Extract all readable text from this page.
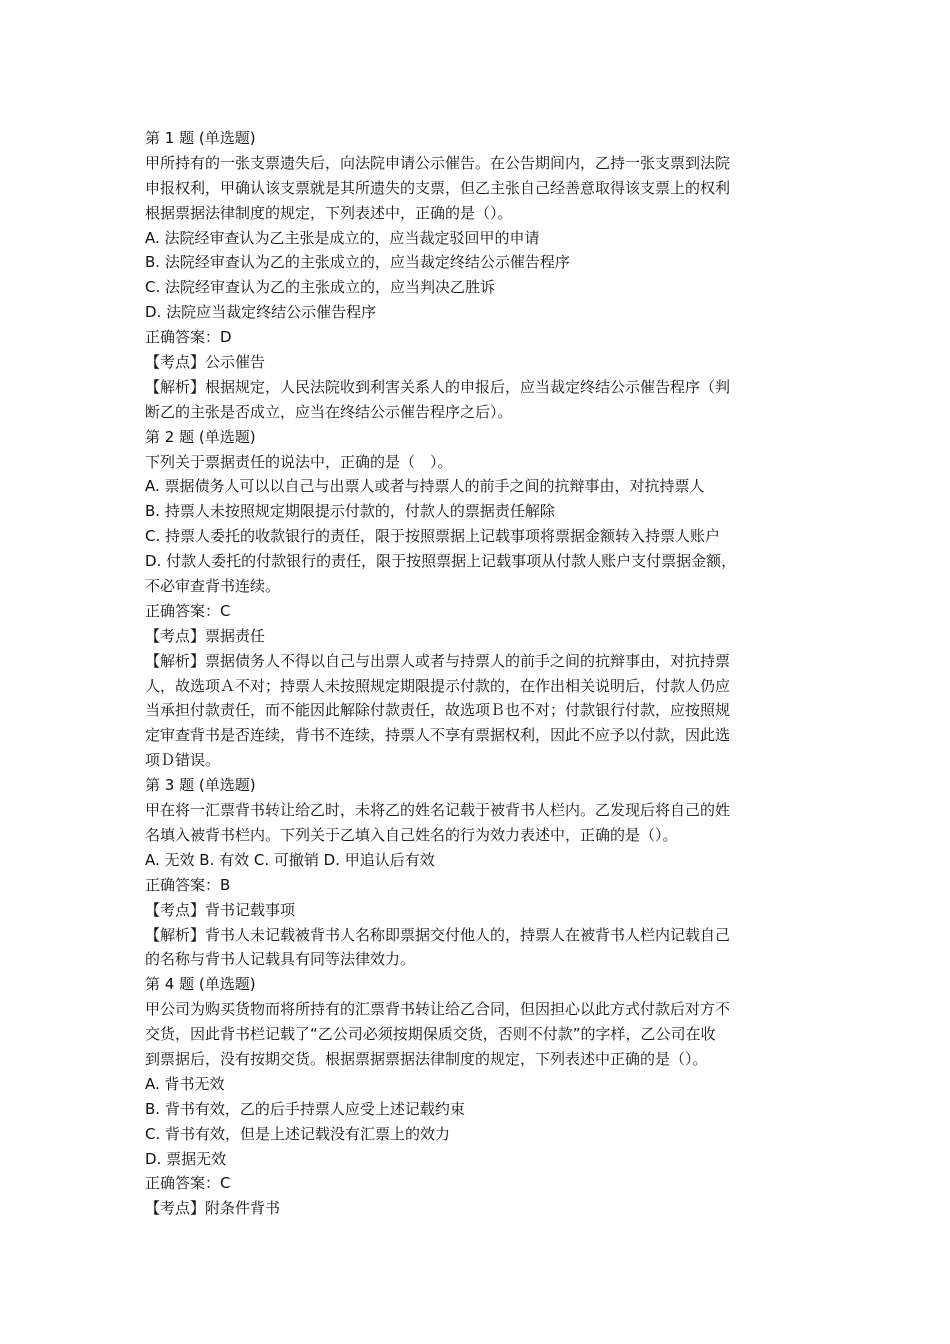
第 1 题 (单选题)
甲所持有的一张支票遗失后，向法院申请公示催告。在公告期间内，乙持一张支票到法院
申报权利，甲确认该支票就是其所遗失的支票，但乙主张自己经善意取得该支票上的权利
根据票据法律制度的规定，下列表述中，正确的是（）。
A. 法院经审查认为乙主张是成立的，应当裁定驳回甲的申请
B. 法院经审查认为乙的主张成立的，应当裁定终结公示催告程序
C. 法院经审查认为乙的主张成立的，应当判决乙胜诉
D. 法院应当裁定终结公示催告程序
正确答案：D
【考点】公示催告
【解析】根据规定，人民法院收到利害关系人的申报后，应当裁定终结公示催告程序（判
断乙的主张是否成立，应当在终结公示催告程序之后）。
第 2 题 (单选题)
下列关于票据责任的说法中，正确的是（　）。
A. 票据债务人可以以自己与出票人或者与持票人的前手之间的抗辩事由，对抗持票人
B. 持票人未按照规定期限提示付款的，付款人的票据责任解除
C. 持票人委托的收款银行的责任，限于按照票据上记载事项将票据金额转入持票人账户
D. 付款人委托的付款银行的责任，限于按照票据上记载事项从付款人账户支付票据金额，
不必审查背书连续。
正确答案：C
【考点】票据责任
【解析】票据债务人不得以自己与出票人或者与持票人的前手之间的抗辩事由，对抗持票
人，故选项Ａ不对；持票人未按照规定期限提示付款的，在作出相关说明后，付款人仍应
当承担付款责任，而不能因此解除付款责任，故选项Ｂ也不对；付款银行付款，应按照规
定审查背书是否连续，背书不连续，持票人不享有票据权利，因此不应予以付款，因此选
项Ｄ错误。
第 3 题 (单选题)
甲在将一汇票背书转让给乙时，未将乙的姓名记载于被背书人栏内。乙发现后将自己的姓
名填入被背书栏内。下列关于乙填入自己姓名的行为效力表述中，正确的是（）。
A. 无效 B. 有效 C. 可撤销 D. 甲追认后有效
正确答案：B
【考点】背书记载事项
【解析】背书人未记载被背书人名称即票据交付他人的，持票人在被背书人栏内记载自己
的名称与背书人记载具有同等法律效力。
第 4 题 (单选题)
甲公司为购买货物而将所持有的汇票背书转让给乙合同，但因担心以此方式付款后对方不
交货，因此背书栏记载了“乙公司必须按期保质交货，否则不付款”的字样，乙公司在收
到票据后，没有按期交货。根据票据票据法律制度的规定，下列表述中正确的是（）。
A. 背书无效
B. 背书有效，乙的后手持票人应受上述记载约束
C. 背书有效，但是上述记载没有汇票上的效力
D. 票据无效
正确答案：C
【考点】附条件背书
